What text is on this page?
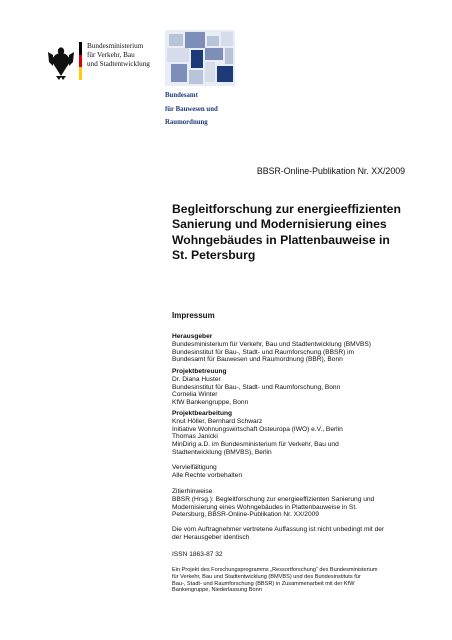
Bundesministerium
für Verkehr, Bau
und Stadtentwicklung
Bundesamt
für Bauwesen und
Raumordnung
BBSR-Online-Publikation Nr. XX/2009
Begleitforschung zur energieeffizienten
Sanierung und Modernisierung eines
Wohngebäudes in Plattenbauweise in
St. Petersburg
Impressum
Herausgeber
Bundesministerium für Verkehr, Bau und Stadtentwicklung (BMVBS)
Bundesinstitut für Bau-, Stadt- und Raumforschung (BBSR) im
Bundesamt für Bauwesen und Raumordnung (BBR), Bonn
Projektbetreuung
Dr. Diana Huster
Bundesinstitut für Bau-, Stadt- und Raumforschung, Bonn
Cornelia Winter
KfW Bankengruppe, Bonn
Projektbearbeitung
Knut Höller, Bernhard Schwarz
Initiative Wohnungswirtschaft Osteuropa (IWO) e.V., Berlin
Thomas Janicki
MinDirig a.D. im Bundesministerium für Verkehr, Bau und
Stadtentwicklung (BMVBS), Berlin
Vervielfältigung
Alle Rechte vorbehalten
Zitierhinweise
BBSR (Hrsg.): Begleitforschung zur energieeffizienten Sanierung und
Modernisierung eines Wohngebäudes in Plattenbauweise in St.
Petersburg, BBSR-Online-Publikation Nr. XX/2009
Die vom Auftragnehmer vertretene Auffassung ist nicht unbedingt mit der
der Herausgeber identisch
ISSN 1863-87 32
Ein Projekt des Forschungsprogramms „Ressortforschung“ des Bundesministerium
für Verkehr, Bau und Stadtentwicklung (BMVBS) und des Bundesinstituts für
Bau-, Stadt- und Raumforschung (BBSR) in Zusammenarbeit mit der KfW
Bankengruppe, Niederlassung Bonn
